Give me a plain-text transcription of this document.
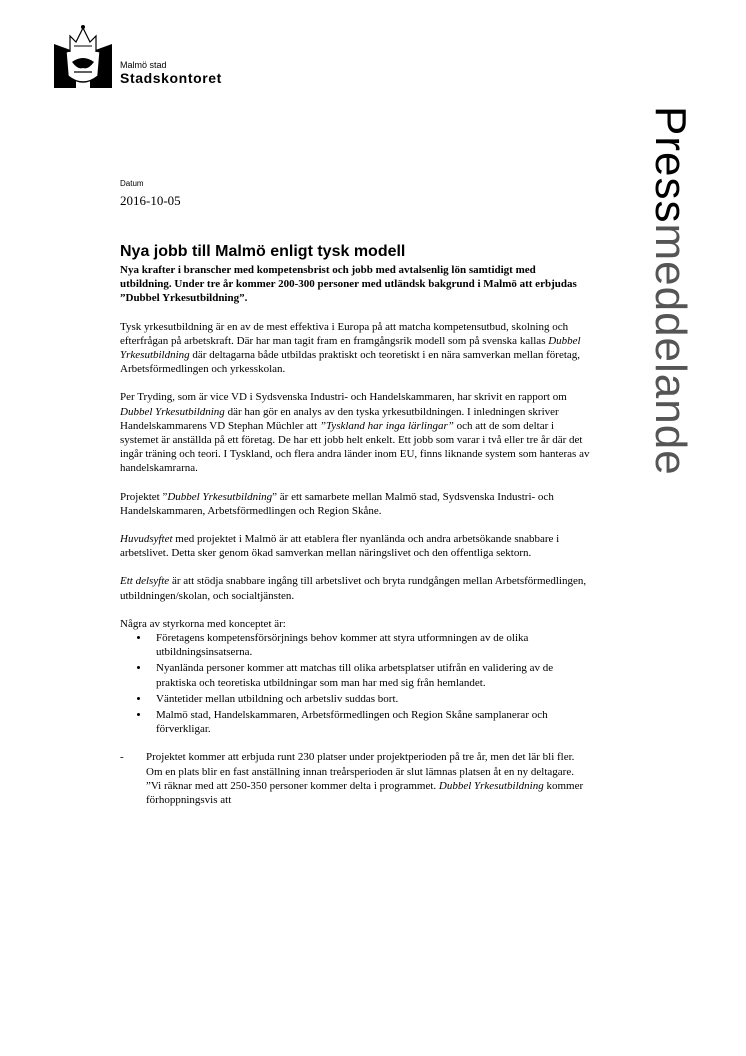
Malmö stad
Stadskontoret
Pressmeddelande
Datum
2016-10-05
Nya jobb till Malmö enligt tysk modell
Nya krafter i branscher med kompetensbrist och jobb med avtalsenlig lön samtidigt med utbildning. Under tre år kommer 200-300 personer med utländsk bakgrund i Malmö att erbjudas ”Dubbel Yrkesutbildning”.

Tysk yrkesutbildning är en av de mest effektiva i Europa på att matcha kompetensutbud, skolning och efterfrågan på arbetskraft. Där har man tagit fram en framgångsrik modell som på svenska kallas Dubbel Yrkesutbildning där deltagarna både utbildas praktiskt och teoretiskt i en nära samverkan mellan företag, Arbetsförmedlingen och yrkesskolan.

Per Tryding, som är vice VD i Sydsvenska Industri- och Handelskammaren, har skrivit en rapport om Dubbel Yrkesutbildning där han gör en analys av den tyska yrkesutbildningen. I inledningen skriver Handelskammarens VD Stephan Müchler att ”Tyskland har inga lärlingar” och att de som deltar i systemet är anställda på ett företag. De har ett jobb helt enkelt. Ett jobb som varar i två eller tre år där det ingår träning och teori. I Tyskland, och flera andra länder inom EU, finns liknande system som hanteras av handelskamrarna.

Projektet ”Dubbel Yrkesutbildning” är ett samarbete mellan Malmö stad, Sydsvenska Industri- och Handelskammaren, Arbetsförmedlingen och Region Skåne.

Huvudsyftet med projektet i Malmö är att etablera fler nyanlända och andra arbetsökande snabbare i arbetslivet. Detta sker genom ökad samverkan mellan näringslivet och den offentliga sektorn.

Ett delsyfte är att stödja snabbare ingång till arbetslivet och bryta rundgången mellan Arbetsförmedlingen, utbildningen/skolan, och socialtjänsten.

Några av styrkorna med konceptet är:
• Företagens kompetensförsörjnings behov kommer att styra utformningen av de olika utbildningsinsatserna.
• Nyanlända personer kommer att matchas till olika arbetsplatser utifrån en validering av de praktiska och teoretiska utbildningar som man har med sig från hemlandet.
• Väntetider mellan utbildning och arbetsliv suddas bort.
• Malmö stad, Handelskammaren, Arbetsförmedlingen och Region Skåne samplanerar och förverkligar.

- Projektet kommer att erbjuda runt 230 platser under projektperioden på tre år, men det lär bli fler. Om en plats blir en fast anställning innan treårsperioden är slut lämnas platsen åt en ny deltagare. ”Vi räknar med att 250-350 personer kommer delta i programmet. Dubbel Yrkesutbildning kommer förhoppningsvis att
